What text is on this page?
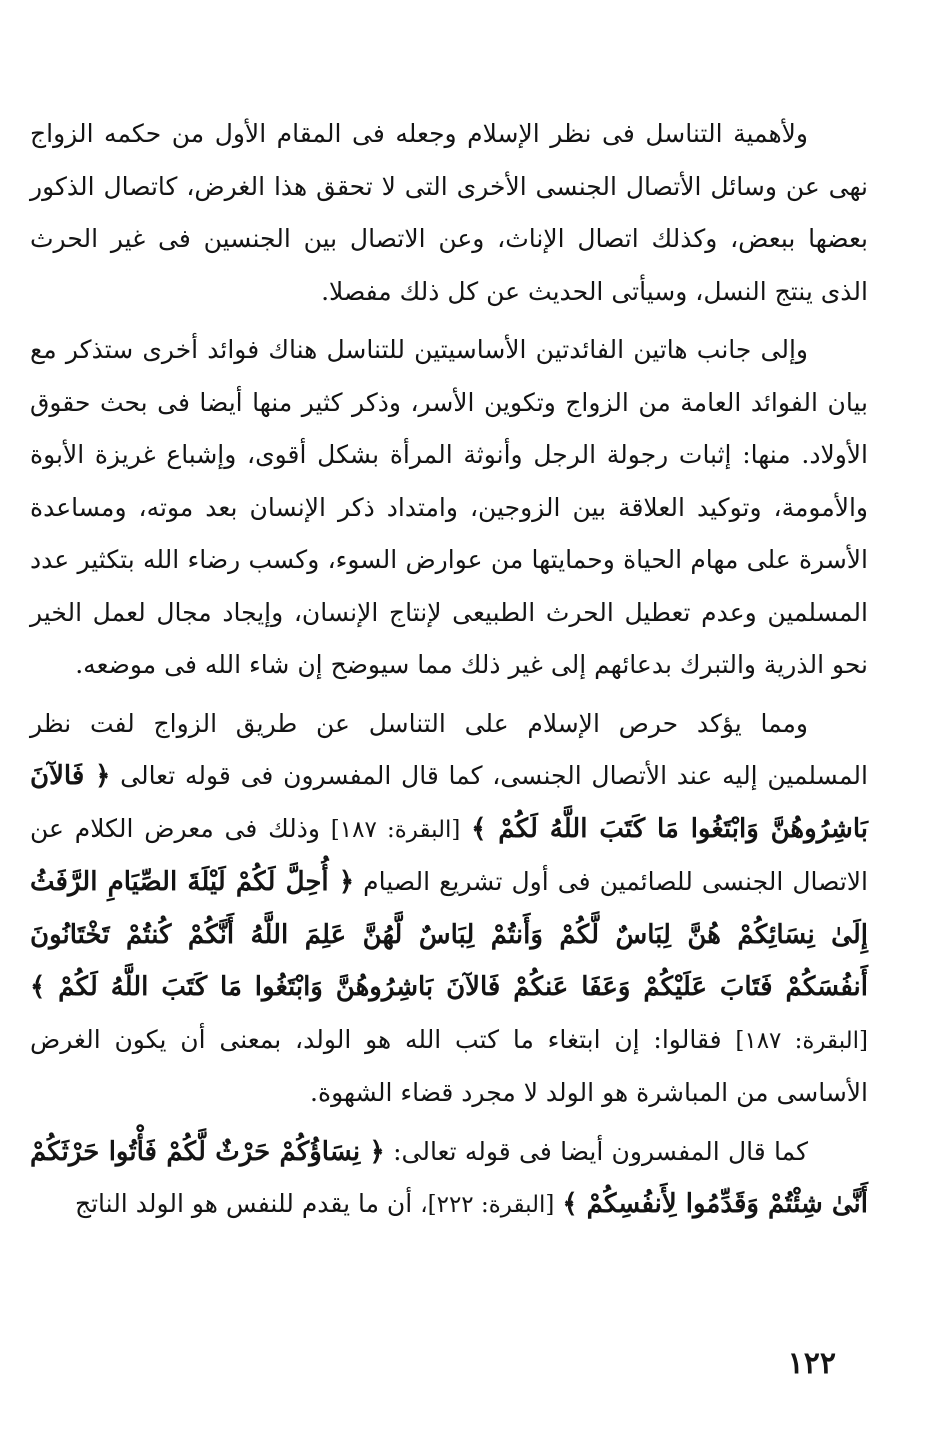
ولأهمية التناسل فى نظر الإسلام وجعله فى المقام الأول من حكمه الزواج نهى عن وسائل الأتصال الجنسى الأخرى التى لا تحقق هذا الغرض، كاتصال الذكور بعضها ببعض، وكذلك اتصال الإناث، وعن الاتصال بين الجنسين فى غير الحرث الذى ينتج النسل، وسيأتى الحديث عن كل ذلك مفصلا.

وإلى جانب هاتين الفائدتين الأساسيتين للتناسل هناك فوائد أخرى ستذكر مع بيان الفوائد العامة من الزواج وتكوين الأسر، وذكر كثير منها أيضا فى بحث حقوق الأولاد. منها: إثبات رجولة الرجل وأنوثة المرأة بشكل أقوى، وإشباع غريزة الأبوة والأمومة، وتوكيد العلاقة بين الزوجين، وامتداد ذكر الإنسان بعد موته، ومساعدة الأسرة على مهام الحياة وحمايتها من عوارض السوء، وكسب رضاء الله بتكثير عدد المسلمين وعدم تعطيل الحرث الطبيعى لإنتاج الإنسان، وإيجاد مجال لعمل الخير نحو الذرية والتبرك بدعائهم إلى غير ذلك مما سيوضح إن شاء الله فى موضعه.

ومما يؤكد حرص الإسلام على التناسل عن طريق الزواج لفت نظر المسلمين إليه عند الأتصال الجنسى، كما قال المفسرون فى قوله تعالى ﴿ فَالآنَ بَاشِرُوهُنَّ وَابْتَغُوا مَا كَتَبَ اللَّهُ لَكُمْ ﴾ [البقرة: ١٨٧] وذلك فى معرض الكلام عن الاتصال الجنسى للصائمين فى أول تشريع الصيام ﴿ أُحِلَّ لَكُمْ لَيْلَةَ الصِّيَامِ الرَّفَثُ إِلَىٰ نِسَائِكُمْ هُنَّ لِبَاسٌ لَّكُمْ وَأَنتُمْ لِبَاسٌ لَّهُنَّ عَلِمَ اللَّهُ أَنَّكُمْ كُنتُمْ تَخْتَانُونَ أَنفُسَكُمْ فَتَابَ عَلَيْكُمْ وَعَفَا عَنكُمْ فَالآنَ بَاشِرُوهُنَّ وَابْتَغُوا مَا كَتَبَ اللَّهُ لَكُمْ ﴾ [البقرة: ١٨٧] فقالوا: إن ابتغاء ما كتب الله هو الولد، بمعنى أن يكون الغرض الأساسى من المباشرة هو الولد لا مجرد قضاء الشهوة.

كما قال المفسرون أيضا فى قوله تعالى: ﴿ نِسَاؤُكُمْ حَرْثٌ لَّكُمْ فَأْتُوا حَرْثَكُمْ أَنَّىٰ شِئْتُمْ وَقَدِّمُوا لِأَنفُسِكُمْ ﴾ [البقرة: ٢٢٢]، أن ما يقدم للنفس هو الولد الناتج

١٢٢
